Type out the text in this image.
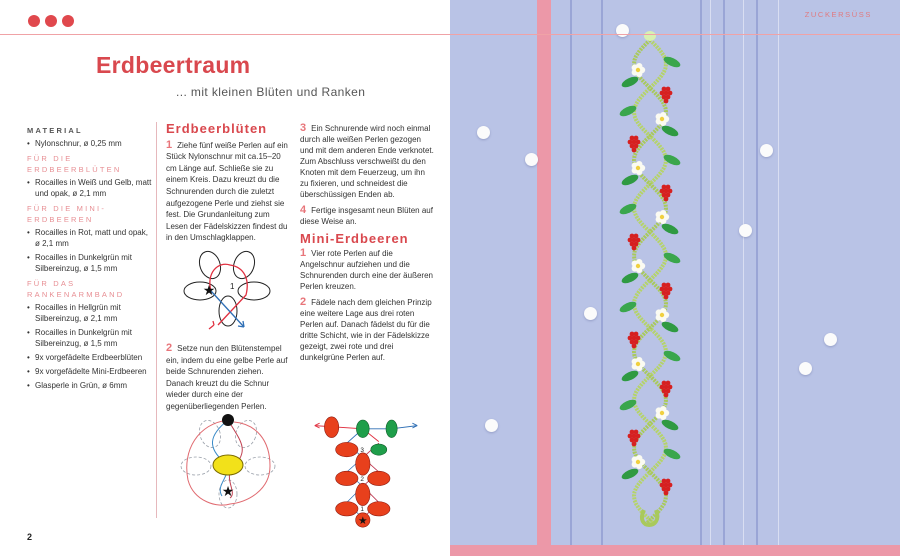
Erdbeertraum
... mit kleinen Blüten und Ranken
MATERIAL
• Nylonschnur, ø 0,25 mm
FÜR DIE ERDBEERBLÜTEN
• Rocailles in Weiß und Gelb, matt und opak, ø 2,1 mm
FÜR DIE MINI-ERDBEEREN
• Rocailles in Rot, matt und opak, ø 2,1 mm
• Rocailles in Dunkelgrün mit Silbereinzug, ø 1,5 mm
FÜR DAS RANKENARMBAND
• Rocailles in Hellgrün mit Silbereinzug, ø 2,1 mm
• Rocailles in Dunkelgrün mit Silbereinzug, ø 1,5 mm
• 9x vorgefädelte Erdbeerblüten
• 9x vorgefädelte Mini-Erdbeeren
• Glasperle in Grün, ø 6mm
Erdbeerblüten

1 Ziehe fünf weiße Perlen auf ein Stück Nylonschnur mit ca.15–20 cm Länge auf. Schließe sie zu einem Kreis. Dazu kreuzt du die Schnurenden durch die zuletzt aufgezogene Perle und ziehst sie fest. Die Grundanleitung zum Lesen der Fädelskizzen findest du in den Umschlagklappen.

★ 1

2 Setze nun den Blütenstempel ein, indem du eine gelbe Perle auf beide Schnurenden ziehen. Danach kreuzt du die Schnur wieder durch eine der gegenüberliegenden Perlen.

★

3 Ein Schnurende wird noch einmal durch alle weißen Perlen gezogen und mit dem anderen Ende verknotet. Zum Abschluss verschweißt du den Knoten mit dem Feuerzeug, um ihn zu fixieren, und schneidest die überschüssigen Enden ab.

4 Fertige insgesamt neun Blüten auf diese Weise an.

Mini-Erdbeeren

1 Vier rote Perlen auf die Angelschnur aufziehen und die Schnurenden durch eine der äußeren Perlen kreuzen.

2 Fädele nach dem gleichen Prinzip eine weitere Lage aus drei roten Perlen auf. Danach fädelst du für die dritte Schicht, wie in der Fädelskizze gezeigt, zwei rote und drei dunkelgrüne Perlen auf.

★
1
2
3
2
ZUCKERSÜSS
